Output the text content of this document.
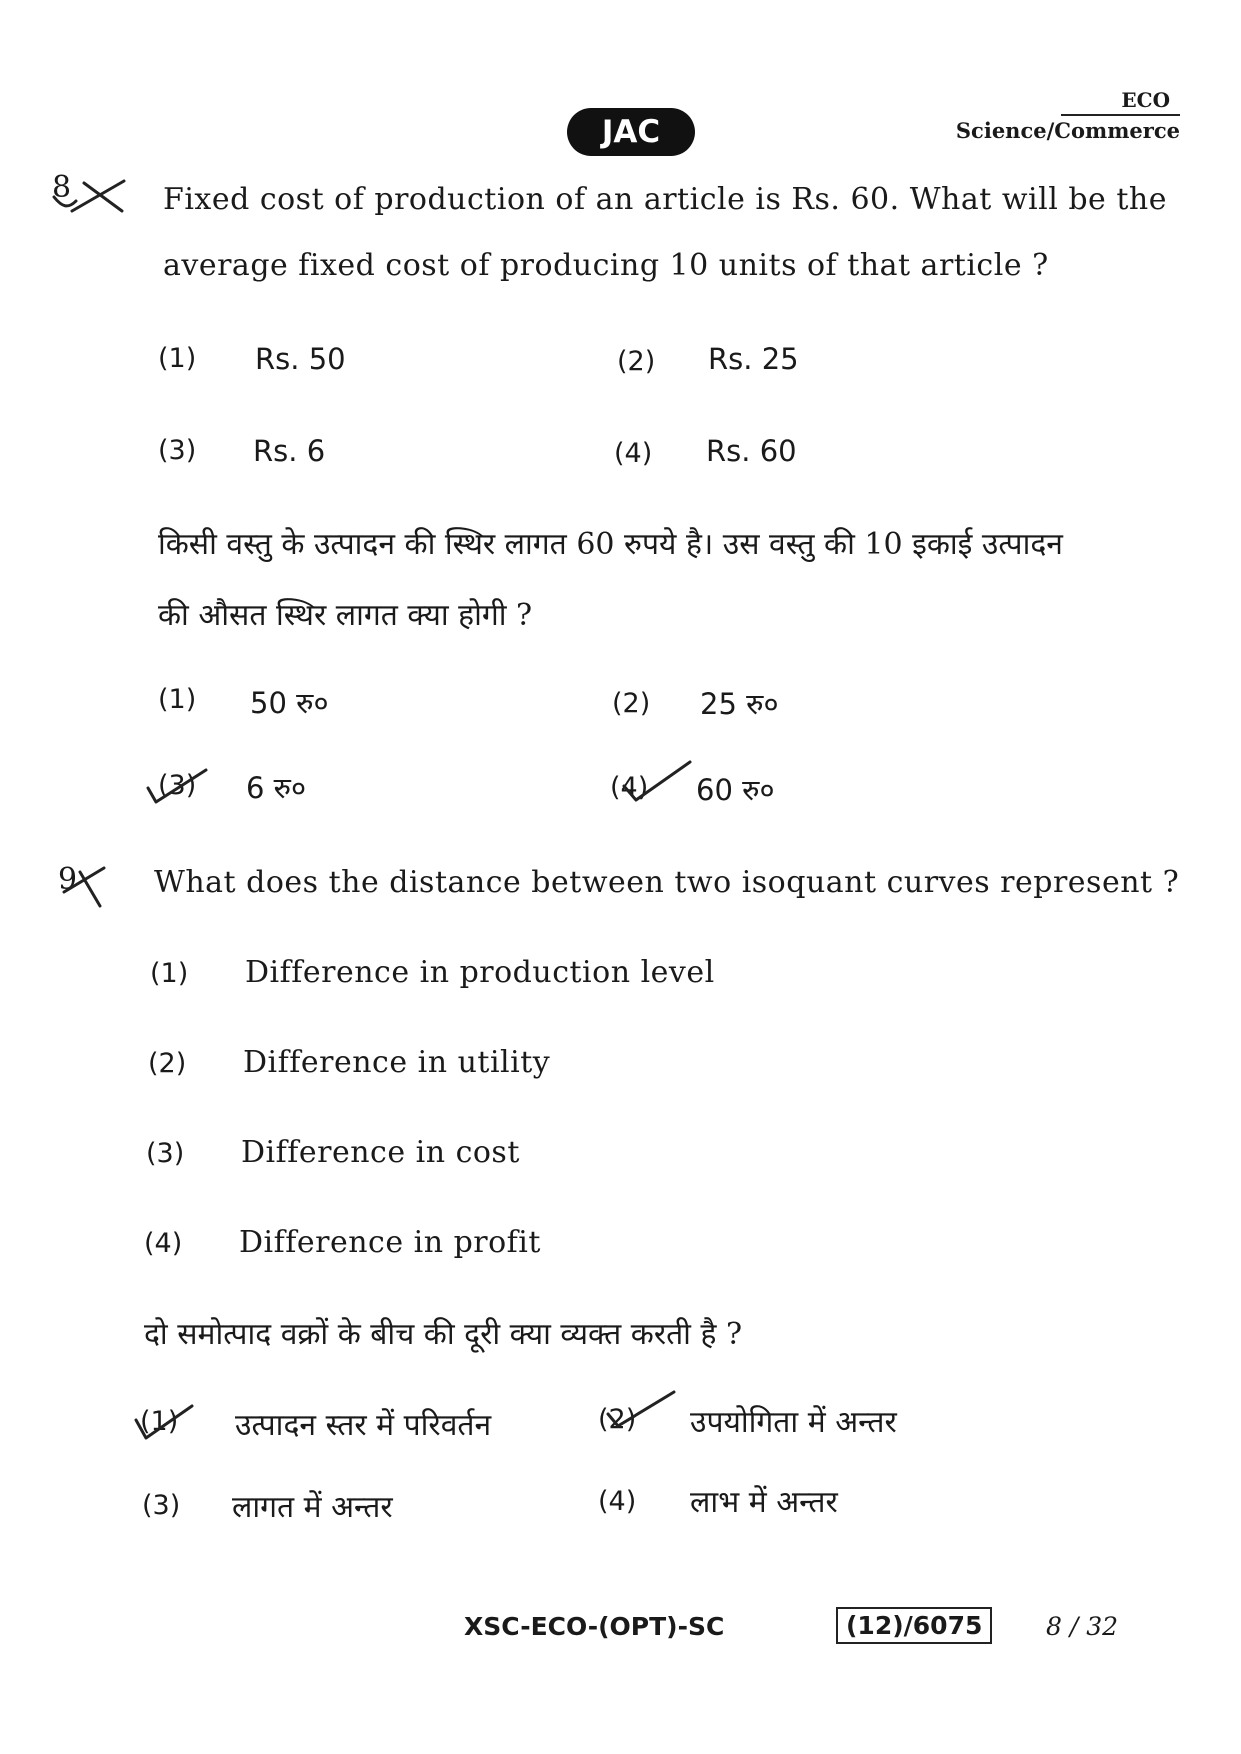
JAC
ECO
Science/Commerce
8	Fixed cost of production of an article is Rs. 60. What will be the
average fixed cost of producing 10 units of that article ?
(1) Rs. 50	(2) Rs. 25
(3) Rs. 6	(4) Rs. 60
किसी वस्तु के उत्पादन की स्थिर लागत 60 रुपये है। उस वस्तु की 10 इकाई उत्पादन
की औसत स्थिर लागत क्या होगी ?
(1) 50 रु०	(2) 25 रु०
(3) 6 रु०	(4) 60 रु०
9	What does the distance between two isoquant curves represent ?
(1) Difference in production level
(2) Difference in utility
(3) Difference in cost
(4) Difference in profit
दो समोत्पाद वक्रों के बीच की दूरी क्या व्यक्त करती है ?
(1) उत्पादन स्तर में परिवर्तन	(2) उपयोगिता में अन्तर
(3) लागत में अन्तर	(4) लाभ में अन्तर
XSC-ECO-(OPT)-SC	(12)/6075	8 / 32
